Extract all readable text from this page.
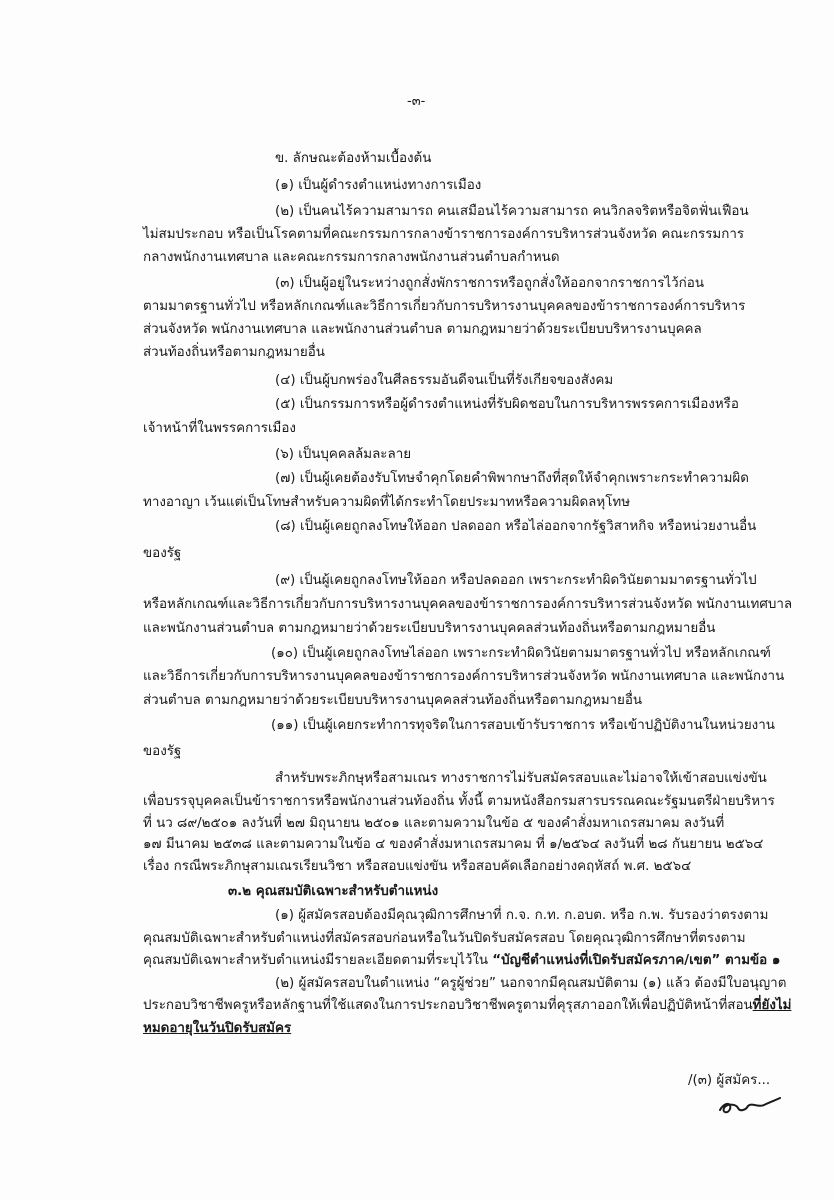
-๓-

ข. ลักษณะต้องห้ามเบื้องต้น

(๑) เป็นผู้ดำรงตำแหน่งทางการเมือง

(๒) เป็นคนไร้ความสามารถ คนเสมือนไร้ความสามารถ คนวิกลจริตหรือจิตฟั่นเฟือน

ไม่สมประกอบ หรือเป็นโรคตามที่คณะกรรมการกลางข้าราชการองค์การบริหารส่วนจังหวัด คณะกรรมการ

กลางพนักงานเทศบาล และคณะกรรมการกลางพนักงานส่วนตำบลกำหนด

(๓) เป็นผู้อยู่ในระหว่างถูกสั่งพักราชการหรือถูกสั่งให้ออกจากราชการไว้ก่อน

ตามมาตรฐานทั่วไป หรือหลักเกณฑ์และวิธีการเกี่ยวกับการบริหารงานบุคคลของข้าราชการองค์การบริหาร

ส่วนจังหวัด พนักงานเทศบาล และพนักงานส่วนตำบล ตามกฎหมายว่าด้วยระเบียบบริหารงานบุคคล

ส่วนท้องถิ่นหรือตามกฎหมายอื่น

(๔) เป็นผู้บกพร่องในศีลธรรมอันดีจนเป็นที่รังเกียจของสังคม

(๕) เป็นกรรมการหรือผู้ดำรงตำแหน่งที่รับผิดชอบในการบริหารพรรคการเมืองหรือ

เจ้าหน้าที่ในพรรคการเมือง

(๖) เป็นบุคคลล้มละลาย

(๗) เป็นผู้เคยต้องรับโทษจำคุกโดยคำพิพากษาถึงที่สุดให้จำคุกเพราะกระทำความผิด

ทางอาญา เว้นแต่เป็นโทษสำหรับความผิดที่ได้กระทำโดยประมาทหรือความผิดลหุโทษ

(๘) เป็นผู้เคยถูกลงโทษให้ออก ปลดออก หรือไล่ออกจากรัฐวิสาหกิจ หรือหน่วยงานอื่น

ของรัฐ

(๙) เป็นผู้เคยถูกลงโทษให้ออก หรือปลดออก เพราะกระทำผิดวินัยตามมาตรฐานทั่วไป

หรือหลักเกณฑ์และวิธีการเกี่ยวกับการบริหารงานบุคคลของข้าราชการองค์การบริหารส่วนจังหวัด พนักงานเทศบาล

และพนักงานส่วนตำบล ตามกฎหมายว่าด้วยระเบียบบริหารงานบุคคลส่วนท้องถิ่นหรือตามกฎหมายอื่น

(๑๐) เป็นผู้เคยถูกลงโทษไล่ออก เพราะกระทำผิดวินัยตามมาตรฐานทั่วไป หรือหลักเกณฑ์

และวิธีการเกี่ยวกับการบริหารงานบุคคลของข้าราชการองค์การบริหารส่วนจังหวัด พนักงานเทศบาล และพนักงาน

ส่วนตำบล ตามกฎหมายว่าด้วยระเบียบบริหารงานบุคคลส่วนท้องถิ่นหรือตามกฎหมายอื่น

(๑๑) เป็นผู้เคยกระทำการทุจริตในการสอบเข้ารับราชการ หรือเข้าปฏิบัติงานในหน่วยงาน

ของรัฐ

สำหรับพระภิกษุหรือสามเณร ทางราชการไม่รับสมัครสอบและไม่อาจให้เข้าสอบแข่งขัน

เพื่อบรรจุบุคคลเป็นข้าราชการหรือพนักงานส่วนท้องถิ่น ทั้งนี้ ตามหนังสือกรมสารบรรณคณะรัฐมนตรีฝ่ายบริหาร

ที่ นว ๘๙/๒๕๐๑ ลงวันที่ ๒๗ มิถุนายน ๒๕๐๑ และตามความในข้อ ๕ ของคำสั่งมหาเถรสมาคม ลงวันที่

๑๗ มีนาคม ๒๕๓๘ และตามความในข้อ ๔ ของคำสั่งมหาเถรสมาคม ที่ ๑/๒๕๖๔ ลงวันที่ ๒๘ กันยายน ๒๕๖๔

เรื่อง กรณีพระภิกษุสามเณรเรียนวิชา หรือสอบแข่งขัน หรือสอบคัดเลือกอย่างคฤหัสถ์ พ.ศ. ๒๕๖๔

๓.๒ คุณสมบัติเฉพาะสำหรับตำแหน่ง

(๑) ผู้สมัครสอบต้องมีคุณวุฒิการศึกษาที่ ก.จ. ก.ท. ก.อบต. หรือ ก.พ. รับรองว่าตรงตาม

คุณสมบัติเฉพาะสำหรับตำแหน่งที่สมัครสอบก่อนหรือในวันปิดรับสมัครสอบ โดยคุณวุฒิการศึกษาที่ตรงตาม

คุณสมบัติเฉพาะสำหรับตำแหน่งมีรายละเอียดตามที่ระบุไว้ใน “บัญชีตำแหน่งที่เปิดรับสมัครภาค/เขต” ตามข้อ ๑

(๒) ผู้สมัครสอบในตำแหน่ง “ครูผู้ช่วย” นอกจากมีคุณสมบัติตาม (๑) แล้ว ต้องมีใบอนุญาต

ประกอบวิชาชีพครูหรือหลักฐานที่ใช้แสดงในการประกอบวิชาชีพครูตามที่คุรุสภาออกให้เพื่อปฏิบัติหน้าที่สอนที่ยังไม่

หมดอายุในวันปิดรับสมัคร

/(๓) ผู้สมัคร...
